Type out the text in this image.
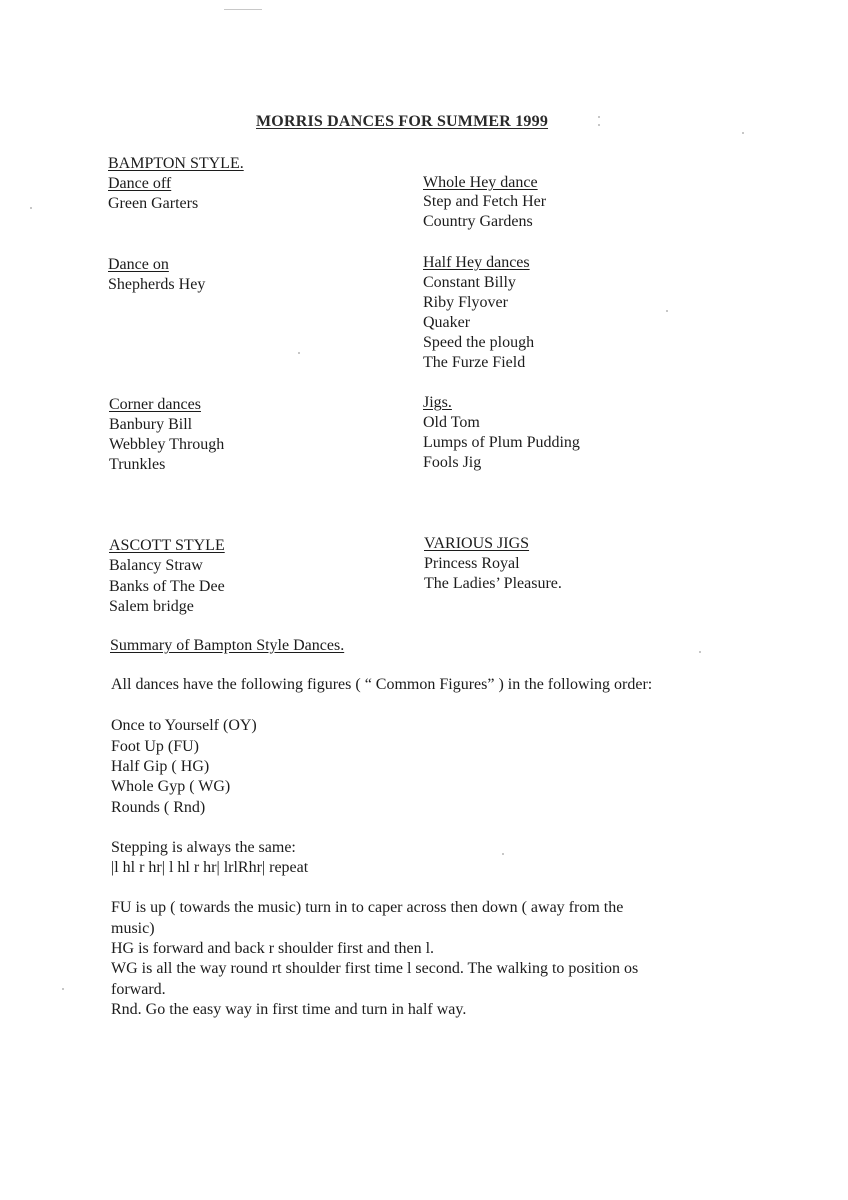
MORRIS DANCES FOR SUMMER 1999
BAMPTON STYLE.
Dance off
Green Garters
Dance on
Shepherds Hey
Corner dances
Banbury Bill
Webbley Through
Trunkles
ASCOTT STYLE
Balancy Straw
Banks of The Dee
Salem bridge
Whole Hey dance
Step and Fetch Her
Country Gardens
Half Hey dances
Constant Billy
Riby Flyover
Quaker
Speed the plough
The Furze Field
Jigs.
Old Tom
Lumps of Plum Pudding
Fools Jig
VARIOUS JIGS
Princess Royal
The Ladies’ Pleasure.
Summary of Bampton Style Dances.
All dances have the following figures ( “ Common Figures” ) in the following order:
Once to Yourself (OY)
Foot Up (FU)
Half Gip ( HG)
Whole Gyp ( WG)
Rounds ( Rnd)
Stepping is always the same:
|l hl r hr| l hl r hr| lrlRhr| repeat
FU is up ( towards the music) turn in to caper across then down ( away from the
music)
HG is forward and back r shoulder first and then l.
WG is all the way round rt shoulder first time l second. The walking to position os
forward.
Rnd. Go the easy way in first time and turn in half way.
